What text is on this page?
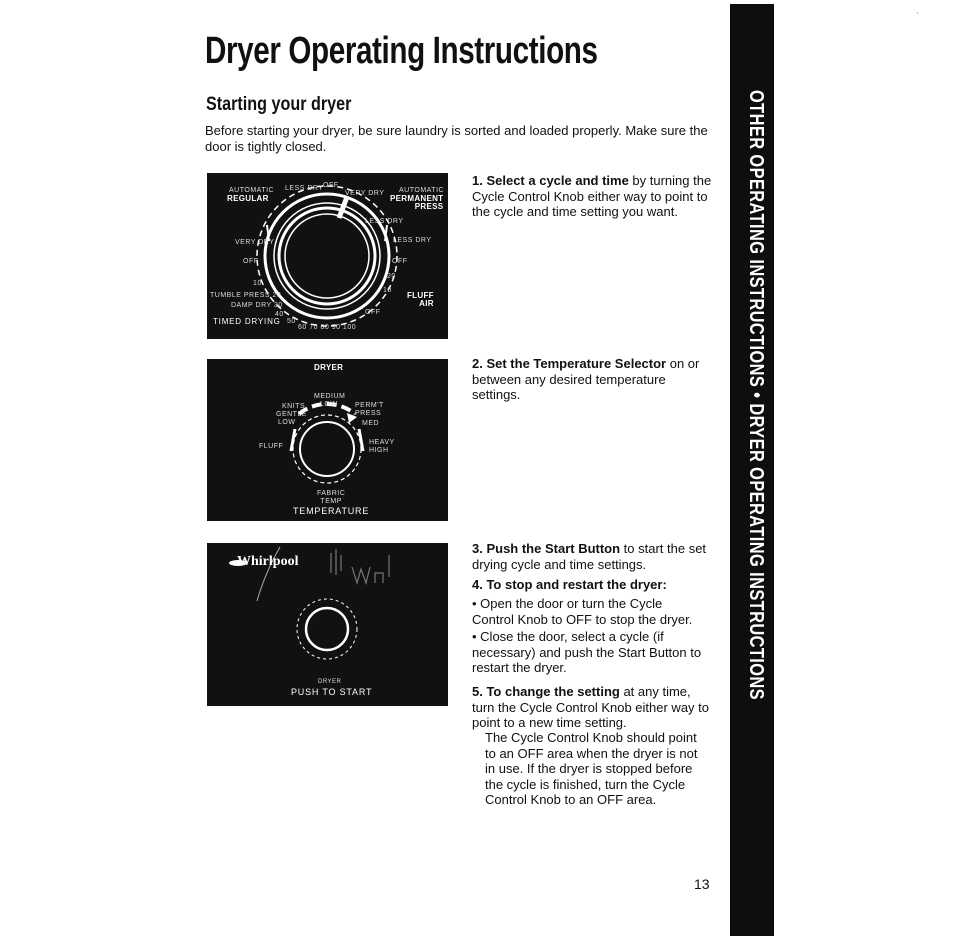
Dryer Operating Instructions
Starting your dryer
Before starting your dryer, be sure laundry is sorted and loaded properly. Make sure the door is tightly closed.
AUTOMATIC
REGULAR
LESS DRY OFF
VERY DRY AUTOMATIC
PERMANENT
PRESS
VERY DRY
LESS DRY
LESS DRY
OFF	OFF
10
TUMBLE PRESS 20
DAMP DRY 30
40
50
60 70 80 90 100
20
10
FLUFF
AIR
OFF
TIMED DRYING
DRYER
MEDIUM
LOW
KNITS
GENTLE
LOW
PERM'T
PRESS
MED
FLUFF
HEAVY
HIGH
FABRIC
TEMP
TEMPERATURE
Whirlpool
DRYER
PUSH TO START
1. Select a cycle and time by turning the Cycle Control Knob either way to point to the cycle and time setting you want.
2. Set the Temperature Selector on or between any desired temperature settings.
3. Push the Start Button to start the set drying cycle and time settings.
4. To stop and restart the dryer:
• Open the door or turn the Cycle Control Knob to OFF to stop the dryer.
• Close the door, select a cycle (if necessary) and push the Start Button to restart the dryer.
5. To change the setting at any time, turn the Cycle Control Knob either way to point to a new time setting.
The Cycle Control Knob should point to an OFF area when the dryer is not in use. If the dryer is stopped before the cycle is finished, turn the Cycle Control Knob to an OFF area.
OTHER OPERATING INSTRUCTIONS • DRYER OPERATING INSTRUCTIONS
13
